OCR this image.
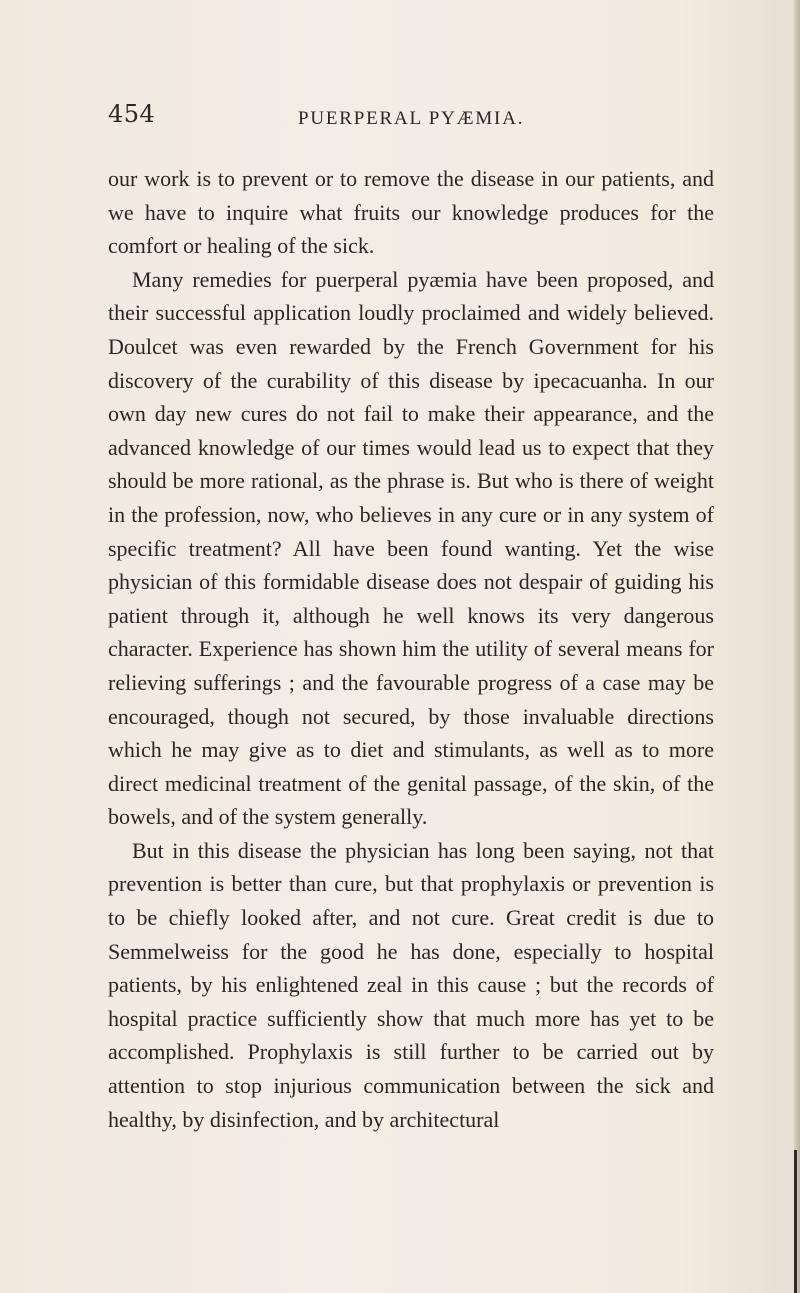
454	PUERPERAL PYÆMIA.

our work is to prevent or to remove the disease in our patients, and we have to inquire what fruits our knowledge produces for the comfort or healing of the sick.

Many remedies for puerperal pyæmia have been proposed, and their successful application loudly proclaimed and widely believed. Doulcet was even rewarded by the French Government for his discovery of the curability of this disease by ipecacuanha. In our own day new cures do not fail to make their appearance, and the advanced knowledge of our times would lead us to expect that they should be more rational, as the phrase is. But who is there of weight in the profession, now, who believes in any cure or in any system of specific treatment? All have been found wanting. Yet the wise physician of this formidable disease does not despair of guiding his patient through it, although he well knows its very dangerous character. Experience has shown him the utility of several means for relieving sufferings ; and the favourable progress of a case may be encouraged, though not secured, by those invaluable directions which he may give as to diet and stimulants, as well as to more direct medicinal treatment of the genital passage, of the skin, of the bowels, and of the system generally.

But in this disease the physician has long been saying, not that prevention is better than cure, but that prophylaxis or prevention is to be chiefly looked after, and not cure. Great credit is due to Semmelweiss for the good he has done, especially to hospital patients, by his enlightened zeal in this cause ; but the records of hospital practice sufficiently show that much more has yet to be accomplished. Prophylaxis is still further to be carried out by attention to stop injurious communication between the sick and healthy, by disinfection, and by architectural
